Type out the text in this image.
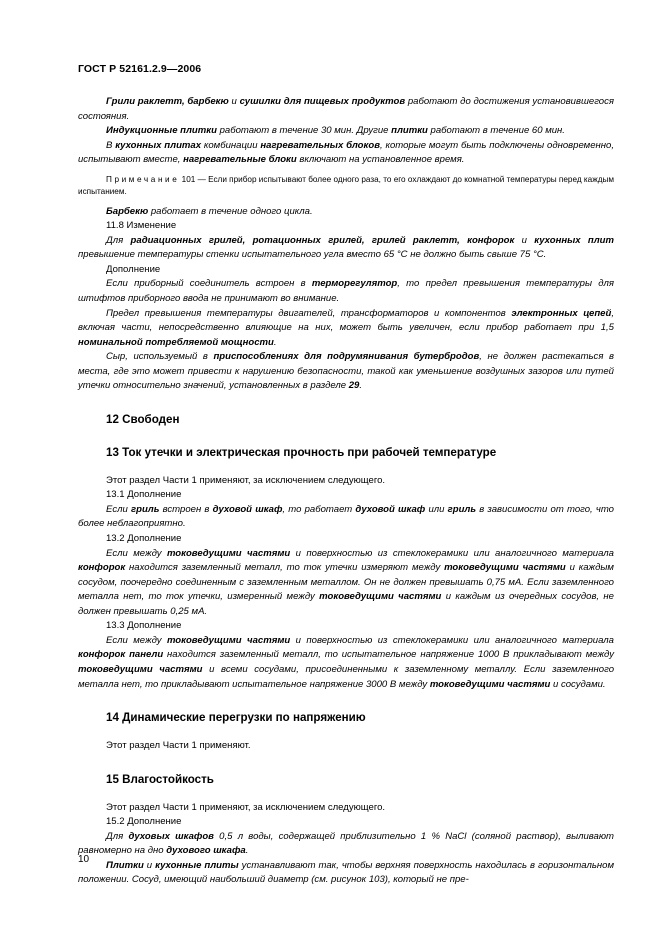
ГОСТ Р 52161.2.9—2006

Грили раклетт, барбекю и сушилки для пищевых продуктов работают до достижения установившегося состояния.

Индукционные плитки работают в течение 30 мин. Другие плитки работают в течение 60 мин.

В кухонных плитах комбинации нагревательных блоков, которые могут быть подключены одновременно, испытывают вместе, нагревательные блоки включают на установленное время.

Примечание 101 — Если прибор испытывают более одного раза, то его охлаждают до комнатной температуры перед каждым испытанием.

Барбекю работает в течение одного цикла.

11.8 Изменение

Для радиационных грилей, ротационных грилей, грилей раклетт, конфорок и кухонных плит превышение температуры стенки испытательного угла вместо 65 °С не должно быть свыше 75 °С.

Дополнение

Если приборный соединитель встроен в терморегулятор, то предел превышения температуры для штифтов приборного ввода не принимают во внимание.

Предел превышения температуры двигателей, трансформаторов и компонентов электронных цепей, включая части, непосредственно влияющие на них, может быть увеличен, если прибор работает при 1,5 номинальной потребляемой мощности.

Сыр, используемый в приспособлениях для подрумянивания бутербродов, не должен растекаться в места, где это может привести к нарушению безопасности, такой как уменьшение воздушных зазоров или путей утечки относительно значений, установленных в разделе 29.

12 Свободен
13 Ток утечки и электрическая прочность при рабочей температуре

Этот раздел Части 1 применяют, за исключением следующего.

13.1 Дополнение

Если гриль встроен в духовой шкаф, то работает духовой шкаф или гриль в зависимости от того, что более неблагоприятно.

13.2 Дополнение

Если между токоведущими частями и поверхностью из стеклокерамики или аналогичного материала конфорок находится заземленный металл, то ток утечки измеряют между токоведущими частями и каждым сосудом, поочередно соединенным с заземленным металлом. Он не должен превышать 0,75 мА. Если заземленного металла нет, то ток утечки, измеренный между токоведущими частями и каждым из очередных сосудов, не должен превышать 0,25 мА.

13.3 Дополнение

Если между токоведущими частями и поверхностью из стеклокерамики или аналогичного материала конфорок панели находится заземленный металл, то испытательное напряжение 1000 В прикладывают между токоведущими частями и всеми сосудами, присоединенными к заземленному металлу. Если заземленного металла нет, то прикладывают испытательное напряжение 3000 В между токоведущими частями и сосудами.

14 Динамические перегрузки по напряжению

Этот раздел Части 1 применяют.

15 Влагостойкость

Этот раздел Части 1 применяют, за исключением следующего.

15.2 Дополнение

Для духовых шкафов 0,5 л воды, содержащей приблизительно 1 % NaCl (соляной раствор), выливают равномерно на дно духового шкафа.

Плитки и кухонные плиты устанавливают так, чтобы верхняя поверхность находилась в горизонтальном положении. Сосуд, имеющий наибольший диаметр (см. рисунок 103), который не пре-

10
